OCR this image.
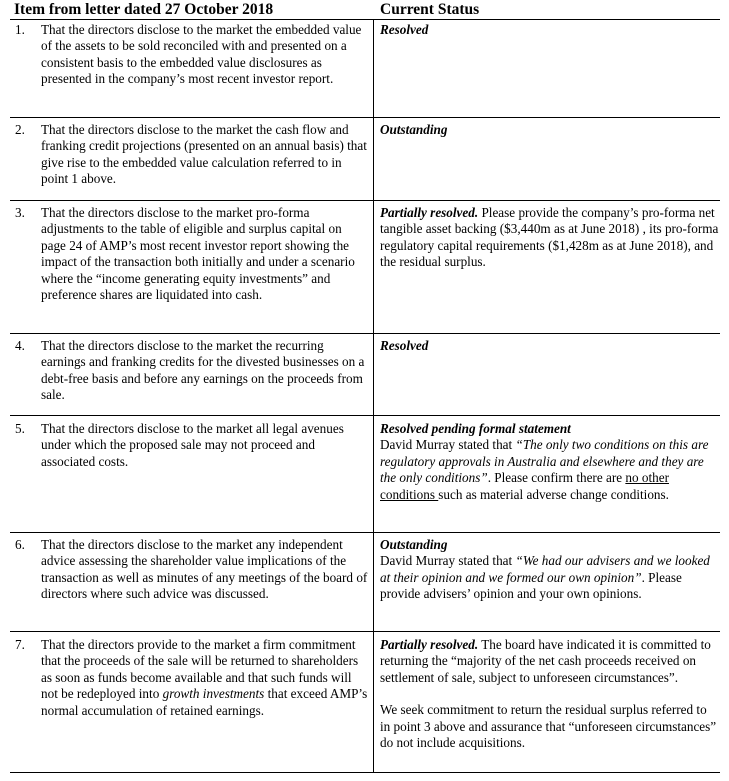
Item from letter dated 27 October 2018	Current Status
1. That the directors disclose to the market the embedded value of the assets to be sold reconciled with and presented on a consistent basis to the embedded value disclosures as presented in the company’s most recent investor report.
Resolved
2. That the directors disclose to the market the cash flow and franking credit projections (presented on an annual basis) that give rise to the embedded value calculation referred to in point 1 above.
Outstanding
3. That the directors disclose to the market pro-forma adjustments to the table of eligible and surplus capital on page 24 of AMP’s most recent investor report showing the impact of the transaction both initially and under a scenario where the “income generating equity investments” and preference shares are liquidated into cash.
Partially resolved. Please provide the company’s pro-forma net tangible asset backing ($3,440m as at June 2018) , its pro-forma regulatory capital requirements ($1,428m as at June 2018), and the residual surplus.
4. That the directors disclose to the market the recurring earnings and franking credits for the divested businesses on a debt-free basis and before any earnings on the proceeds from sale.
Resolved
5. That the directors disclose to the market all legal avenues under which the proposed sale may not proceed and associated costs.
Resolved pending formal statement
David Murray stated that “The only two conditions on this are regulatory approvals in Australia and elsewhere and they are the only conditions”. Please confirm there are no other conditions such as material adverse change conditions.
6. That the directors disclose to the market any independent advice assessing the shareholder value implications of the transaction as well as minutes of any meetings of the board of directors where such advice was discussed.
Outstanding
David Murray stated that “We had our advisers and we looked at their opinion and we formed our own opinion”. Please provide advisers’ opinion and your own opinions.
7. That the directors provide to the market a firm commitment that the proceeds of the sale will be returned to shareholders as soon as funds become available and that such funds will not be redeployed into growth investments that exceed AMP’s normal accumulation of retained earnings.
Partially resolved. The board have indicated it is committed to returning the “majority of the net cash proceeds received on settlement of sale, subject to unforeseen circumstances”.
We seek commitment to return the residual surplus referred to in point 3 above and assurance that “unforeseen circumstances” do not include acquisitions.
